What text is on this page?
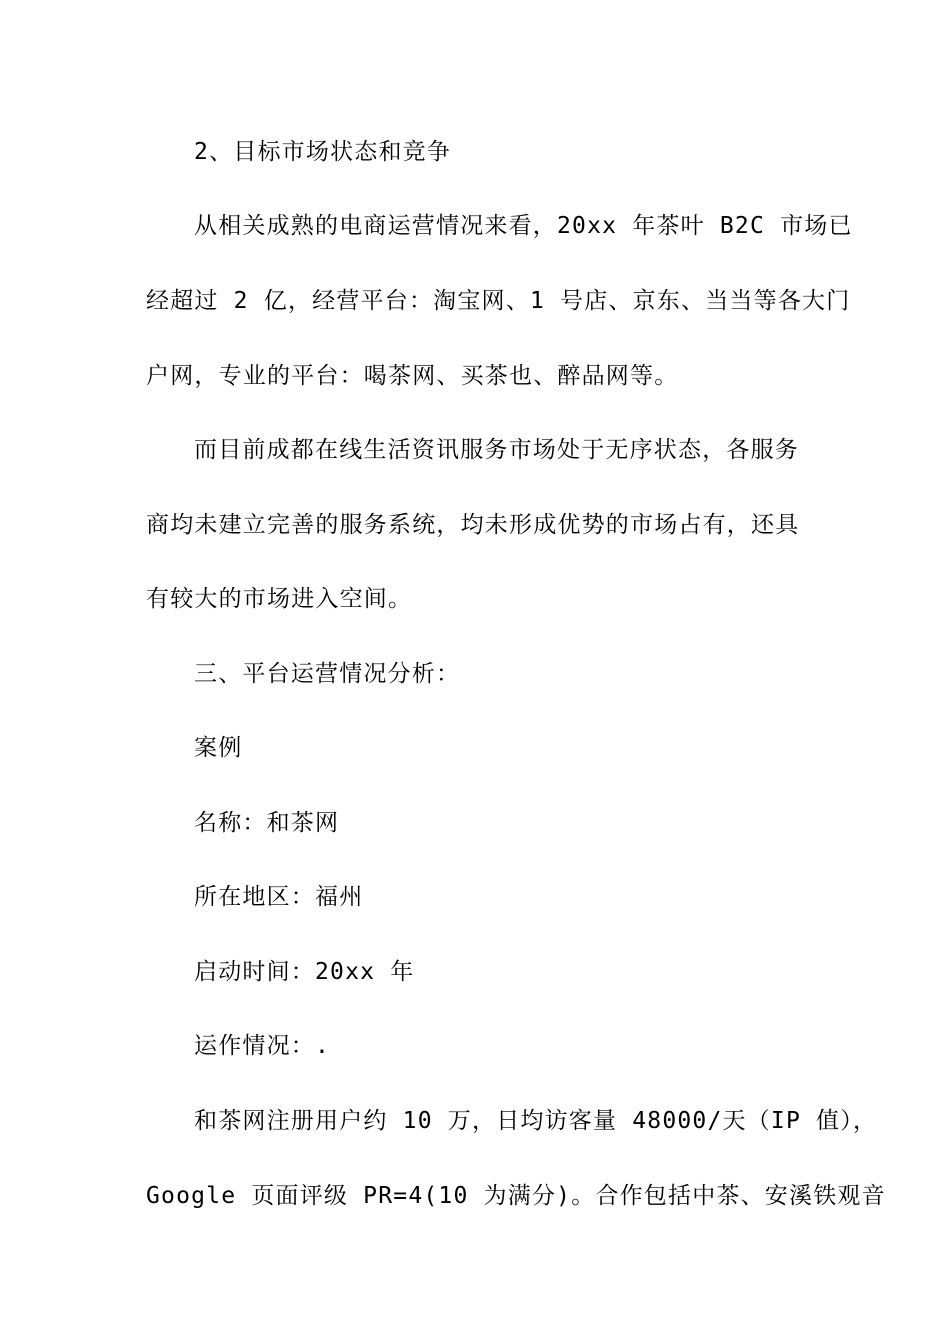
2、目标市场状态和竞争
从相关成熟的电商运营情况来看，20xx 年茶叶 B2C 市场已
经超过 2 亿，经营平台：淘宝网、1 号店、京东、当当等各大门
户网，专业的平台：喝茶网、买茶也、醉品网等。
而目前成都在线生活资讯服务市场处于无序状态，各服务
商均未建立完善的服务系统，均未形成优势的市场占有，还具
有较大的市场进入空间。
三、平台运营情况分析：
案例
名称：和茶网
所在地区：福州
启动时间：20xx 年
运作情况：.
和茶网注册用户约 10 万，日均访客量 48000/天（IP 值），
Google 页面评级 PR=4(10 为满分)。合作包括中茶、安溪铁观音
